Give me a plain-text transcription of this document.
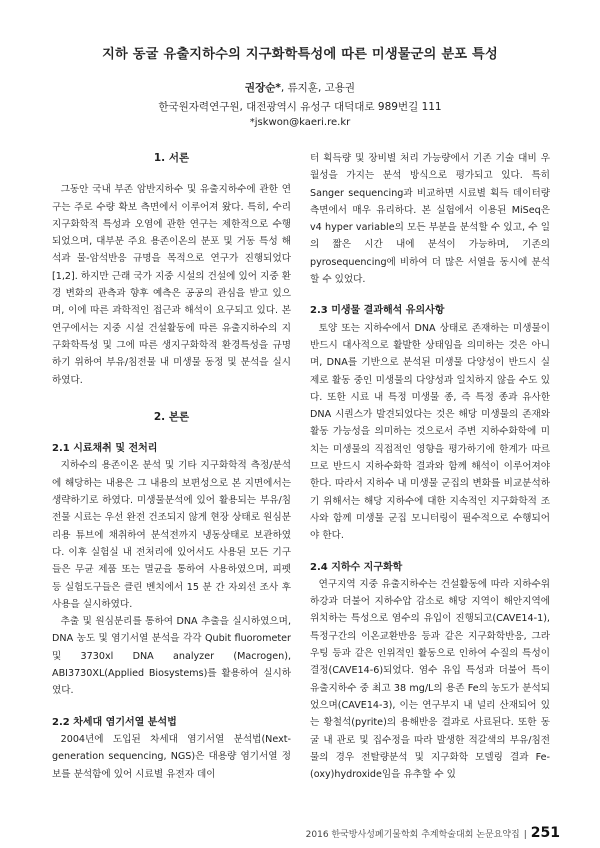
지하 동굴 유출지하수의 지구화학특성에 따른 미생물군의 분포 특성
권장순*, 류지훈, 고용권
한국원자력연구원, 대전광역시 유성구 대덕대로 989번길 111
*jskwon@kaeri.re.kr
1. 서론

그동안 국내 부존 암반지하수 및 유출지하수에 관한 연구는 주로 수량 확보 측면에서 이루어져 왔다. 특히, 수리지구화학적 특성과 오염에 관한 연구는 제한적으로 수행되었으며, 대부분 주요 용존이온의 분포 및 거동 특성 해석과 물-암석반응 규명을 목적으로 연구가 진행되었다[1,2]. 하지만 근래 국가 지중 시설의 건설에 있어 지중 환경 변화의 관측과 향후 예측은 공공의 관심을 받고 있으며, 이에 따른 과학적인 접근과 해석이 요구되고 있다. 본 연구에서는 지중 시설 건설활동에 따른 유출지하수의 지구화학특성 및 그에 따른 생지구화학적 환경특성을 규명하기 위하여 부유/침전물 내 미생물 동정 및 분석을 실시하였다.

2. 본론
2.1 시료채취 및 전처리

지하수의 용존이온 분석 및 기타 지구화학적 측정/분석에 해당하는 내용은 그 내용의 보편성으로 본 지면에서는 생략하기로 하였다. 미생물분석에 있어 활용되는 부유/침전물 시료는 우선 완전 건조되지 않게 현장 상태로 원심분리용 튜브에 채취하여 분석전까지 냉동상태로 보관하였다. 이후 실험실 내 전처리에 있어서도 사용된 모든 기구들은 무균 제품 또는 멸균을 통하여 사용하였으며, 피펫 등 실험도구들은 클린 벤치에서 15 분 간 자외선 조사 후 사용을 실시하였다.

추출 및 원심분리를 통하여 DNA 추출을 실시하였으며, DNA 농도 및 염기서열 분석을 각각 Qubit fluorometer 및 3730xl DNA analyzer (Macrogen), ABI3730XL(Applied Biosystems)를 활용하여 실시하였다.

2.2 차세대 염기서열 분석법

2004년에 도입된 차세대 염기서열 분석법(Next-generation sequencing, NGS)은 대용량 염기서열 정보를 분석함에 있어 시료별 유전자 데이

터 획득량 및 장비별 처리 가능량에서 기존 기술 대비 우월성을 가지는 분석 방식으로 평가되고 있다. 특히 Sanger sequencing과 비교하면 시료별 획득 데이터량 측면에서 매우 유리하다. 본 실험에서 이용된 MiSeq은 v4 hyper variable의 모든 부분을 분석할 수 있고, 수 일의 짧은 시간 내에 분석이 가능하며, 기존의 pyrosequencing에 비하여 더 많은 서열을 동시에 분석할 수 있었다.

2.3 미생물 결과해석 유의사항

토양 또는 지하수에서 DNA 상태로 존재하는 미생물이 반드시 대사적으로 활발한 상태임을 의미하는 것은 아니며, DNA를 기반으로 분석된 미생물 다양성이 반드시 실제로 활동 중인 미생물의 다양성과 일치하지 않을 수도 있다. 또한 시료 내 특정 미생물 종, 즉 특정 종과 유사한 DNA 시퀀스가 발견되었다는 것은 해당 미생물의 존재와 활동 가능성을 의미하는 것으로서 주변 지하수화학에 미치는 미생물의 직접적인 영향을 평가하기에 한계가 따르므로 반드시 지하수화학 결과와 함께 해석이 이루어져야 한다. 따라서 지하수 내 미생물 군집의 변화를 비교분석하기 위해서는 해당 지하수에 대한 지속적인 지구화학적 조사와 함께 미생물 군집 모니터링이 필수적으로 수행되어야 한다.

2.4 지하수 지구화학

연구지역 지중 유출지하수는 건설활동에 따라 지하수위 하강과 더불어 지하수압 감소로 해당 지역이 해안지역에 위치하는 특성으로 염수의 유입이 진행되고(CAVE14-1), 특정구간의 이온교환반응 등과 같은 지구화학반응, 그라우팅 등과 같은 인위적인 활동으로 인하여 수질의 특성이 결정(CAVE14-6)되었다. 염수 유입 특성과 더불어 특이 유출지하수 중 최고 38 mg/L의 용존 Fe의 농도가 분석되었으며(CAVE14-3), 이는 연구부지 내 널리 산재되어 있는 황철석(pyrite)의 용해반응 결과로 사료된다. 또한 동굴 내 관로 및 집수정을 따라 발생한 적갈색의 부유/침전물의 경우 전탈량분석 및 지구화학 모델링 결과 Fe-(oxy)hydroxide임을 유추할 수 있

2016 한국방사성폐기물학회 추계학술대회 논문요약집 | 251
